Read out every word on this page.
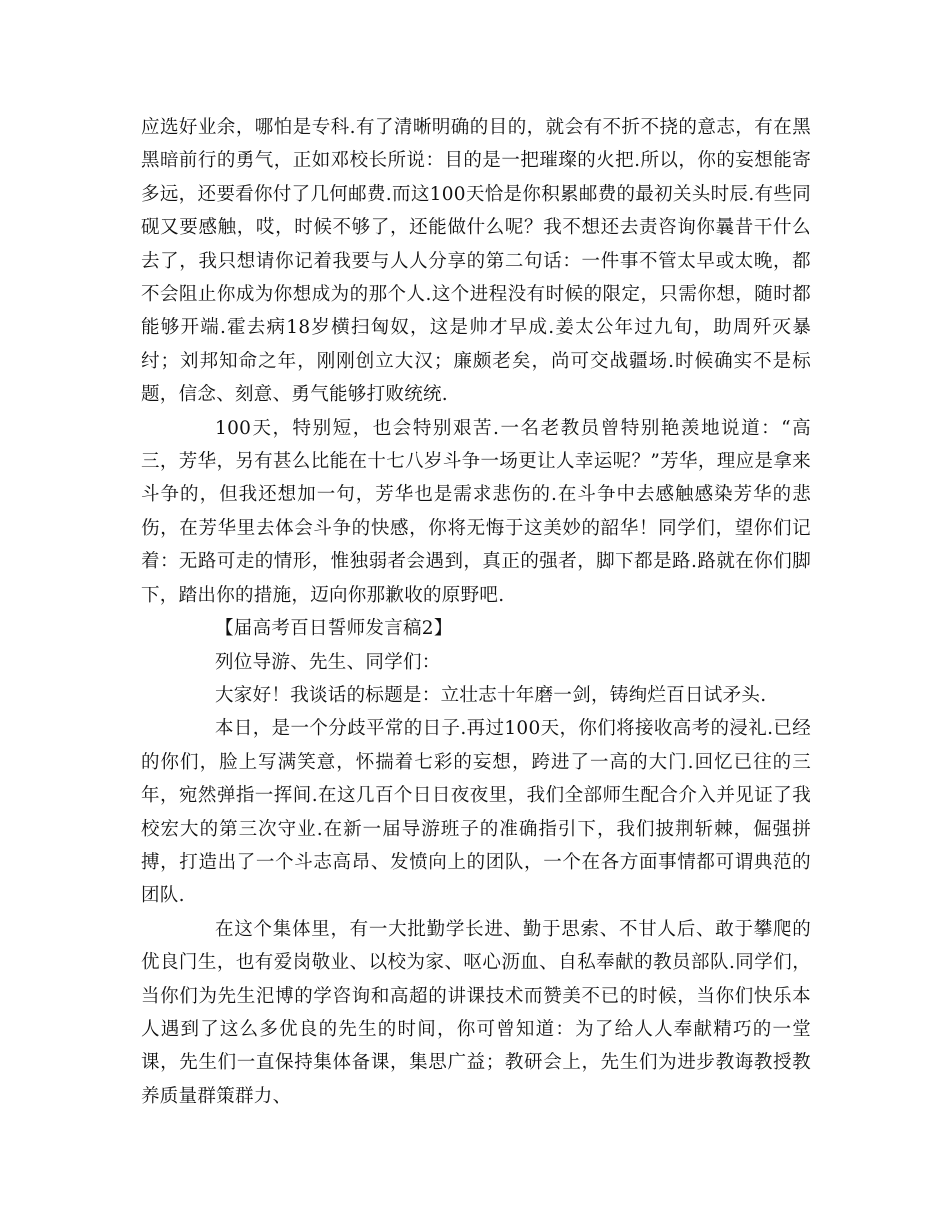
应选好业余，哪怕是专科.有了清晰明确的目的，就会有不折不挠的意志，有在黑黑暗前行的勇气，正如邓校长所说：目的是一把璀璨的火把.所以，你的妄想能寄多远，还要看你付了几何邮费.而这100天恰是你积累邮费的最初关头时辰.有些同砚又要感触，哎，时候不够了，还能做什么呢？我不想还去责咨询你曩昔干什么去了，我只想请你记着我要与人人分享的第二句话：一件事不管太早或太晚，都不会阻止你成为你想成为的那个人.这个进程没有时候的限定，只需你想，随时都能够开端.霍去病18岁横扫匈奴，这是帅才早成.姜太公年过九旬，助周歼灭暴纣；刘邦知命之年，刚刚创立大汉；廉颇老矣，尚可交战疆场.时候确实不是标题，信念、刻意、勇气能够打败统统.

100天，特别短，也会特别艰苦.一名老教员曾特别艳羡地说道：“高三，芳华，另有甚么比能在十七八岁斗争一场更让人幸运呢？”芳华，理应是拿来斗争的，但我还想加一句，芳华也是需求悲伤的.在斗争中去感触感染芳华的悲伤，在芳华里去体会斗争的快感，你将无悔于这美妙的韶华！同学们，望你们记着：无路可走的情形，惟独弱者会遇到，真正的强者，脚下都是路.路就在你们脚下，踏出你的措施，迈向你那歉收的原野吧.

【届高考百日誓师发言稿2】

列位导游、先生、同学们：

大家好！我谈话的标题是：立壮志十年磨一剑，铸绚烂百日试矛头.

本日，是一个分歧平常的日子.再过100天，你们将接收高考的浸礼.已经的你们，脸上写满笑意，怀揣着七彩的妄想，跨进了一高的大门.回忆已往的三年，宛然弹指一挥间.在这几百个日日夜夜里，我们全部师生配合介入并见证了我校宏大的第三次守业.在新一届导游班子的准确指引下，我们披荆斩棘，倔强拼搏，打造出了一个斗志高昂、发愤向上的团队，一个在各方面事情都可谓典范的团队.

在这个集体里，有一大批勤学长进、勤于思索、不甘人后、敢于攀爬的优良门生，也有爱岗敬业、以校为家、呕心沥血、自私奉献的教员部队.同学们，当你们为先生汜博的学咨询和高超的讲课技术而赞美不已的时候，当你们快乐本人遇到了这么多优良的先生的时间，你可曾知道：为了给人人奉献精巧的一堂课，先生们一直保持集体备课，集思广益；教研会上，先生们为进步教诲教授教养质量群策群力、
